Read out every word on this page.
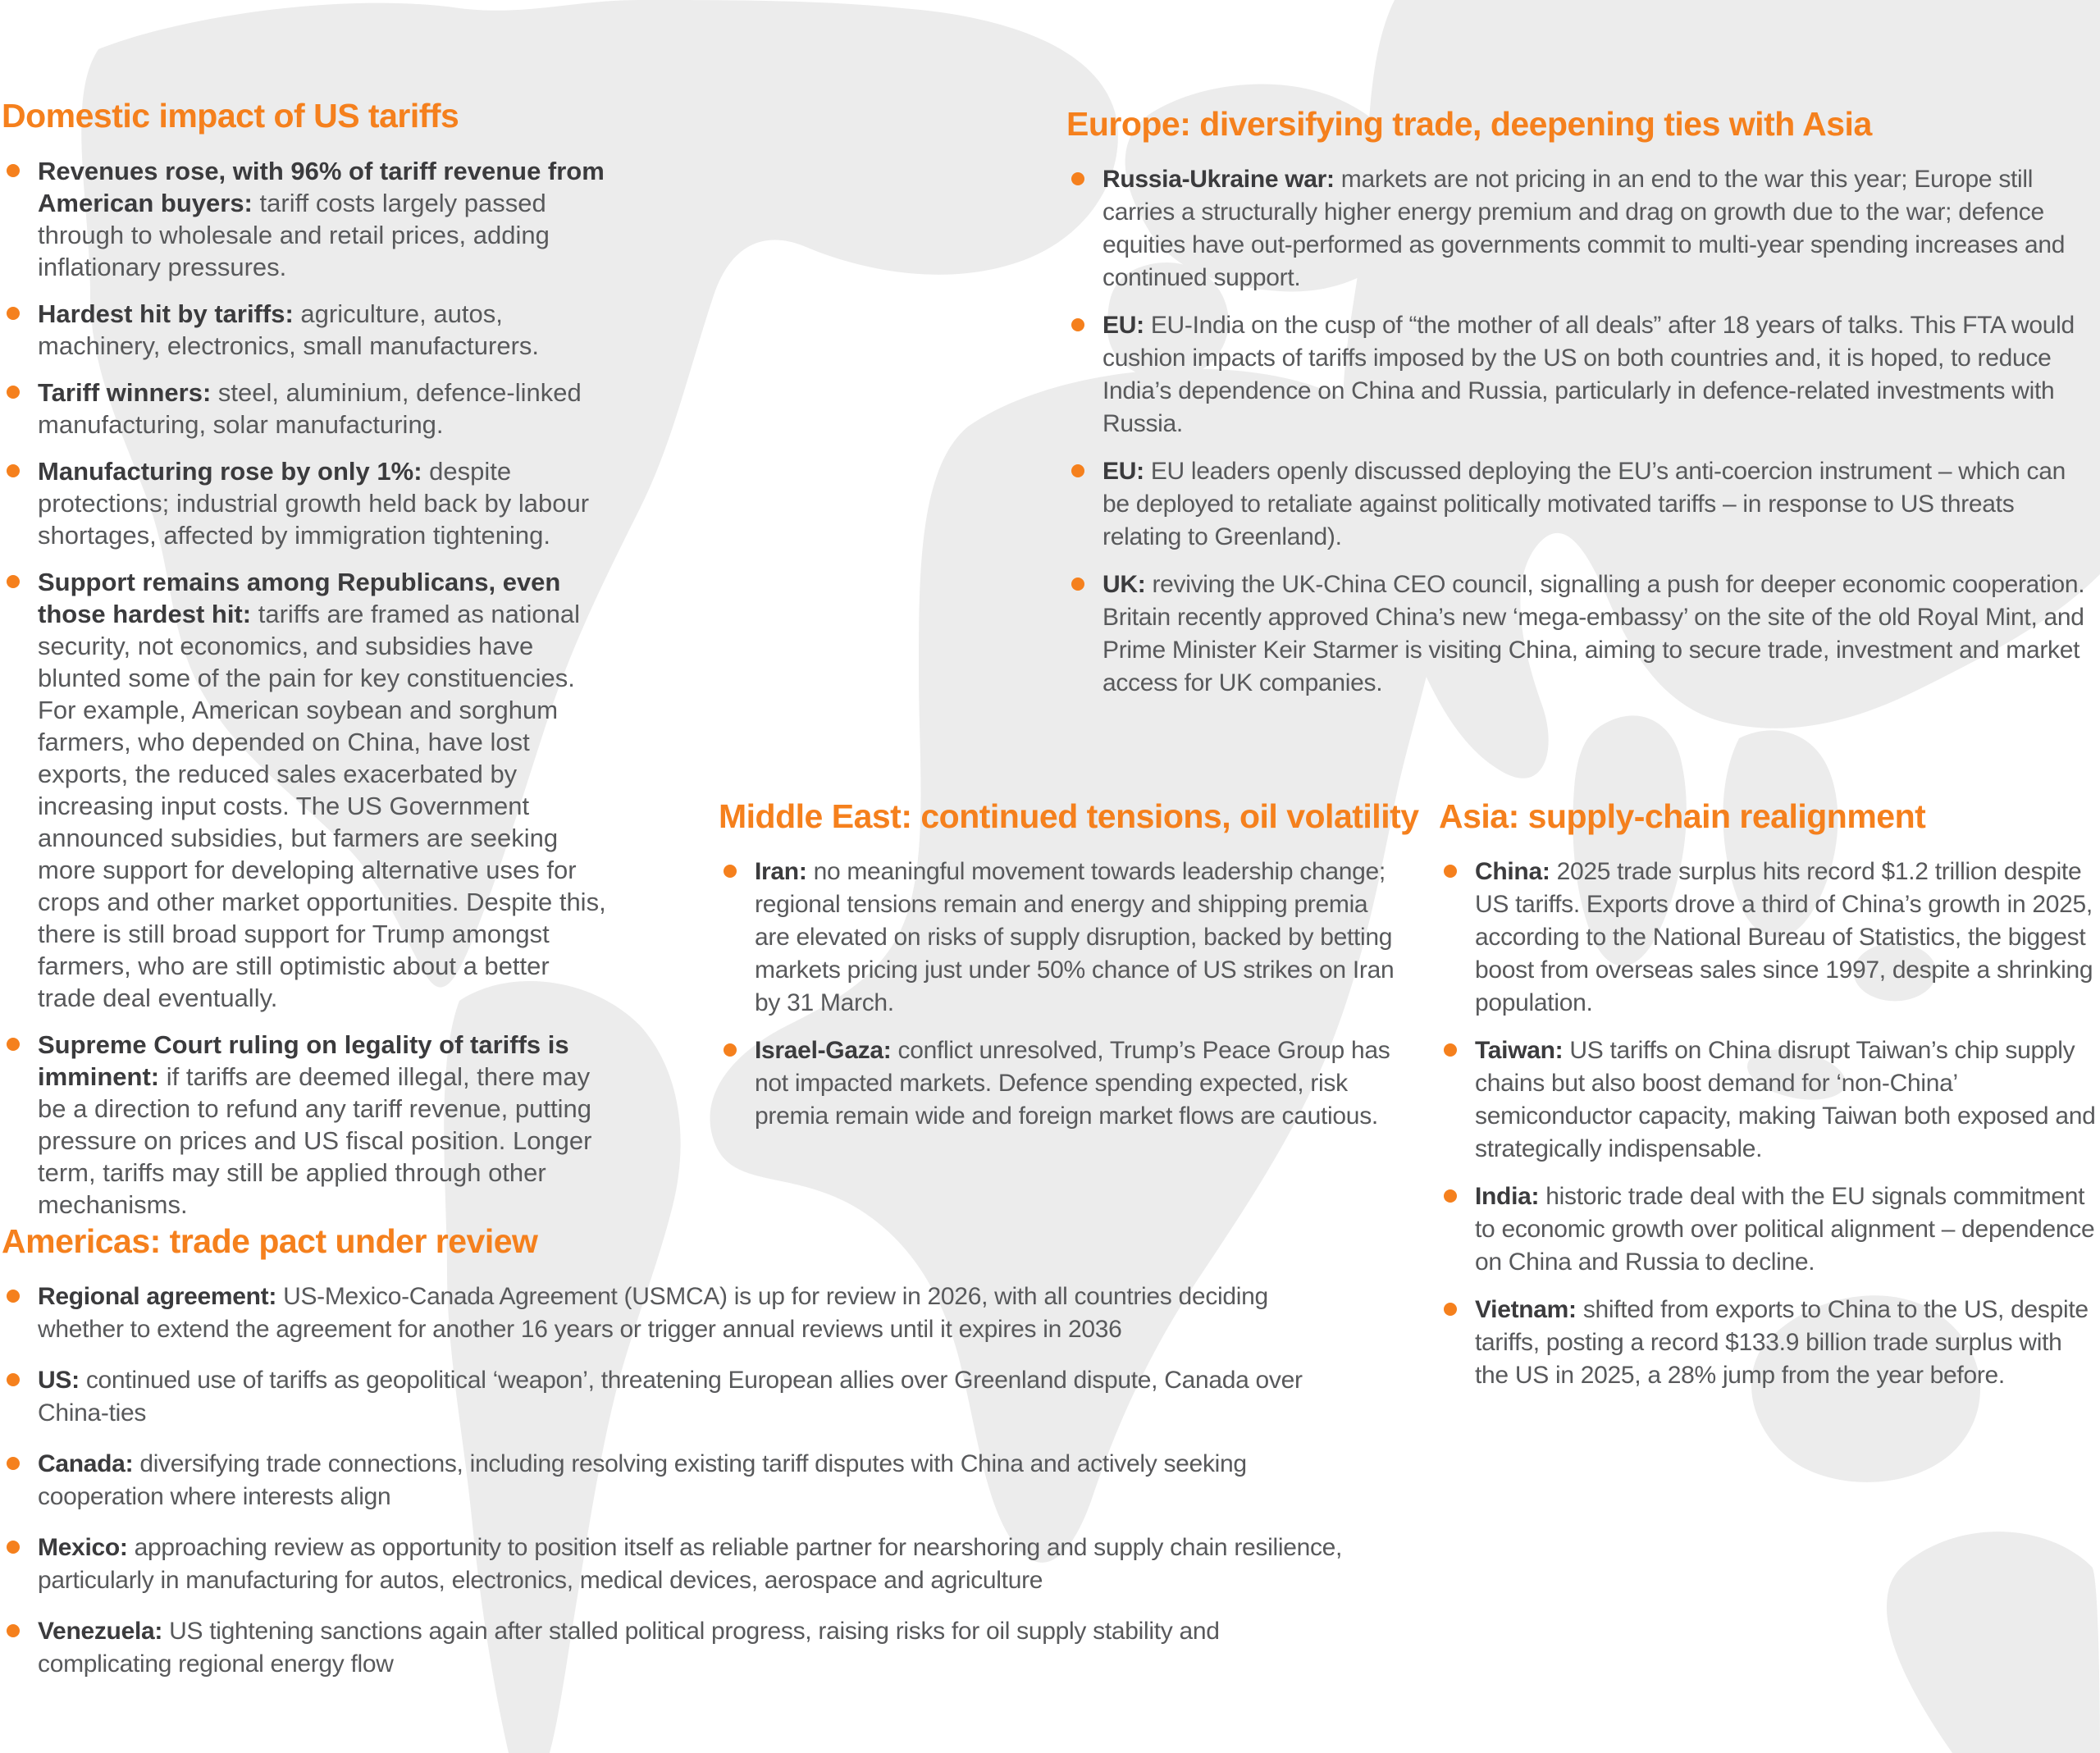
Domestic impact of US tariffs
Revenues rose, with 96% of tariff revenue from American buyers: tariff costs largely passed through to wholesale and retail prices, adding inflationary pressures.
Hardest hit by tariffs: agriculture, autos, machinery, electronics, small manufacturers.
Tariff winners: steel, aluminium, defence-linked manufacturing, solar manufacturing.
Manufacturing rose by only 1%: despite protections; industrial growth held back by labour shortages, affected by immigration tightening.
Support remains among Republicans, even those hardest hit: tariffs are framed as national security, not economics, and subsidies have blunted some of the pain for key constituencies. For example, American soybean and sorghum farmers, who depended on China, have lost exports, the reduced sales exacerbated by increasing input costs. The US Government announced subsidies, but farmers are seeking more support for developing alternative uses for crops and other market opportunities. Despite this, there is still broad support for Trump amongst farmers, who are still optimistic about a better trade deal eventually.
Supreme Court ruling on legality of tariffs is imminent: if tariffs are deemed illegal, there may be a direction to refund any tariff revenue, putting pressure on prices and US fiscal position. Longer term, tariffs may still be applied through other mechanisms.
Europe: diversifying trade, deepening ties with Asia
Russia-Ukraine war: markets are not pricing in an end to the war this year; Europe still carries a structurally higher energy premium and drag on growth due to the war; defence equities have out-performed as governments commit to multi-year spending increases and continued support.
EU: EU-India on the cusp of “the mother of all deals” after 18 years of talks. This FTA would cushion impacts of tariffs imposed by the US on both countries and, it is hoped, to reduce India’s dependence on China and Russia, particularly in defence-related investments with Russia.
EU: EU leaders openly discussed deploying the EU’s anti-coercion instrument – which can be deployed to retaliate against politically motivated tariffs – in response to US threats relating to Greenland).
UK: reviving the UK-China CEO council, signalling a push for deeper economic cooperation. Britain recently approved China’s new ‘mega-embassy’ on the site of the old Royal Mint, and Prime Minister Keir Starmer is visiting China, aiming to secure trade, investment and market access for UK companies.
Middle East: continued tensions, oil volatility
Iran: no meaningful movement towards leadership change; regional tensions remain and energy and shipping premia are elevated on risks of supply disruption, backed by betting markets pricing just under 50% chance of US strikes on Iran by 31 March.
Israel-Gaza: conflict unresolved, Trump’s Peace Group has not impacted markets. Defence spending expected, risk premia remain wide and foreign market flows are cautious.
Asia: supply-chain realignment
China: 2025 trade surplus hits record $1.2 trillion despite US tariffs. Exports drove a third of China’s growth in 2025, according to the National Bureau of Statistics, the biggest boost from overseas sales since 1997, despite a shrinking population.
Taiwan: US tariffs on China disrupt Taiwan’s chip supply chains but also boost demand for ‘non-China’ semiconductor capacity, making Taiwan both exposed and strategically indispensable.
India: historic trade deal with the EU signals commitment to economic growth over political alignment – dependence on China and Russia to decline.
Vietnam: shifted from exports to China to the US, despite tariffs, posting a record $133.9 billion trade surplus with the US in 2025, a 28% jump from the year before.
Americas: trade pact under review
Regional agreement: US-Mexico-Canada Agreement (USMCA) is up for review in 2026, with all countries deciding whether to extend the agreement for another 16 years or trigger annual reviews until it expires in 2036
US: continued use of tariffs as geopolitical ‘weapon’, threatening European allies over Greenland dispute, Canada over China-ties
Canada: diversifying trade connections, including resolving existing tariff disputes with China and actively seeking cooperation where interests align
Mexico: approaching review as opportunity to position itself as reliable partner for nearshoring and supply chain resilience, particularly in manufacturing for autos, electronics, medical devices, aerospace and agriculture
Venezuela: US tightening sanctions again after stalled political progress, raising risks for oil supply stability and complicating regional energy flow
